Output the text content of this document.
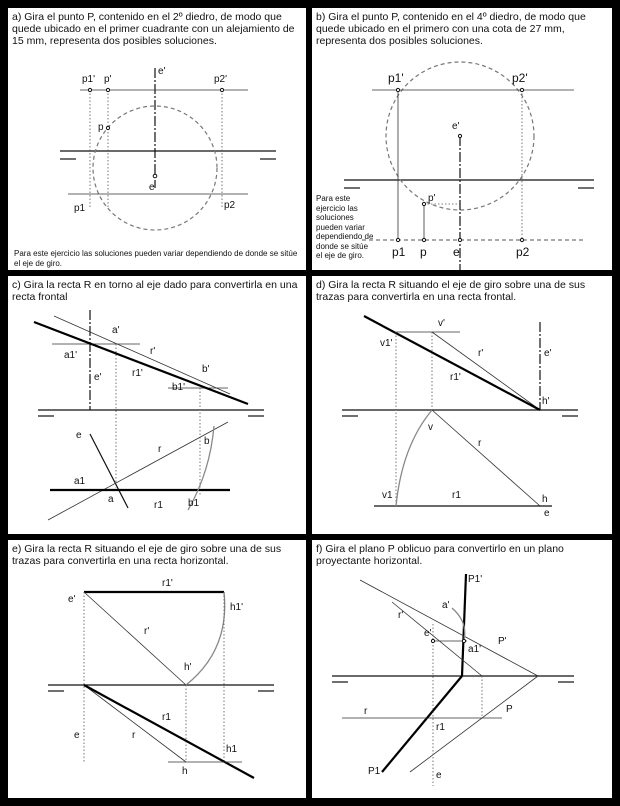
a) Gira el punto P, contenido en el 2º diedro, de modo que quede ubicado en el primer cuadrante con un alejamiento de 15 mm, representa dos posibles soluciones.
p1' p'
e'
p2'
p
e
p1	p2
Para este ejercicio las soluciones pueden variar dependiendo de donde se sitúe el eje de giro.
b) Gira el punto P, contenido en el 4º diedro, de modo que quede ubicado en el primero con una cota de 27 mm, representa dos posibles soluciones.
p1'	p2'
e'
p'
p1 p e	p2
Para este ejercicio las soluciones pueden variar dependiendo de donde se sitúe el eje de giro.
c) Gira la recta R en torno al eje dado para convertirla en una recta frontal
a'
a1'	r'
e'	r1'
b1'
b'
e
b
r
a1
a
r1	b1
d) Gira la recta R situando el eje de giro sobre una de sus trazas para convertirla en una recta frontal.
v'
v1'
r'	e'
r1'
h'
v
r
v1	r1	h
e
e) Gira la recta R situando el eje de giro sobre una de sus trazas para convertirla en una recta horizontal.
e'
r1'
h1'
r'
h'
r1
e	r
h1
h
f) Gira el plano P oblicuo para convertirlo en un plano proyectante horizontal.
P1'
a'
r'
e'
a1'
P'
r
r1
P
P1	e
